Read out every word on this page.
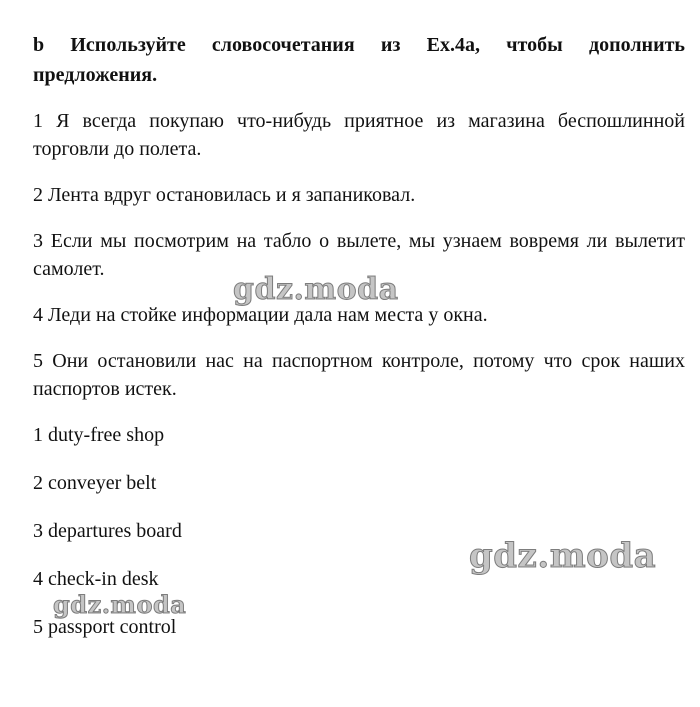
b Используйте словосочетания из Ex.4a, чтобы дополнить предложения.

1 Я всегда покупаю что-нибудь приятное из магазина беспошлинной торговли до полета.

2 Лента вдруг остановилась и я запаниковал.

3 Если мы посмотрим на табло о вылете, мы узнаем вовремя ли вылетит самолет.

4 Леди на стойке информации дала нам места у окна.

5 Они остановили нас на паспортном контроле, потому что срок наших паспортов истек.

1 duty-free shop

2 conveyer belt

3 departures board

4 check-in desk

5 passport control

gdz.moda
gdz.moda
gdz.moda
